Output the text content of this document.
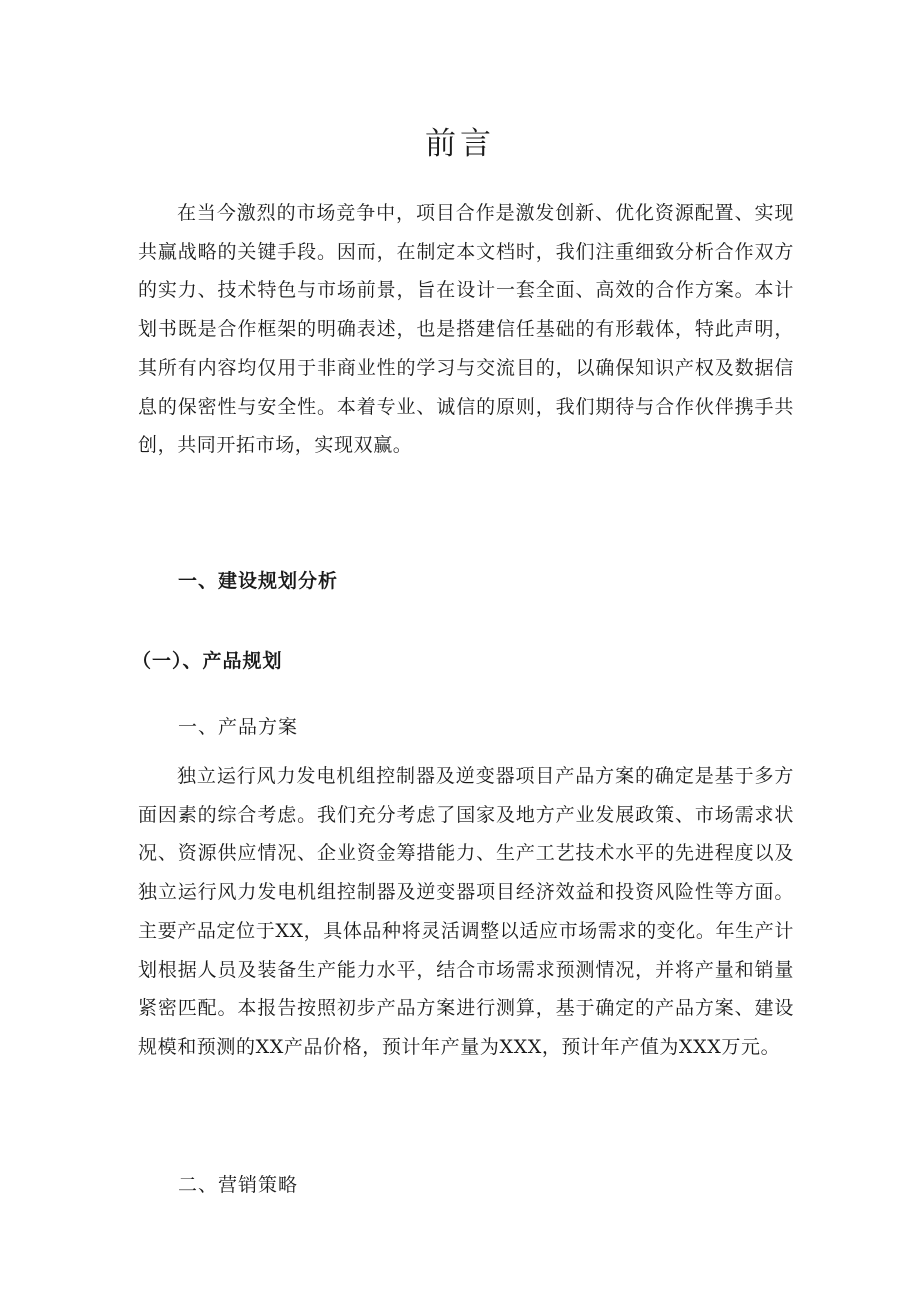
前言

在当今激烈的市场竞争中，项目合作是激发创新、优化资源配置、实现共赢战略的关键手段。因而，在制定本文档时，我们注重细致分析合作双方的实力、技术特色与市场前景，旨在设计一套全面、高效的合作方案。本计划书既是合作框架的明确表述，也是搭建信任基础的有形载体，特此声明，其所有内容均仅用于非商业性的学习与交流目的，以确保知识产权及数据信息的保密性与安全性。本着专业、诚信的原则，我们期待与合作伙伴携手共创，共同开拓市场，实现双赢。

一、建设规划分析
（一）、产品规划
一、产品方案

独立运行风力发电机组控制器及逆变器项目产品方案的确定是基于多方面因素的综合考虑。我们充分考虑了国家及地方产业发展政策、市场需求状况、资源供应情况、企业资金筹措能力、生产工艺技术水平的先进程度以及独立运行风力发电机组控制器及逆变器项目经济效益和投资风险性等方面。主要产品定位于XX，具体品种将灵活调整以适应市场需求的变化。年生产计划根据人员及装备生产能力水平，结合市场需求预测情况，并将产量和销量紧密匹配。本报告按照初步产品方案进行测算，基于确定的产品方案、建设规模和预测的XX产品价格，预计年产量为XXX，预计年产值为XXX万元。

二、营销策略
